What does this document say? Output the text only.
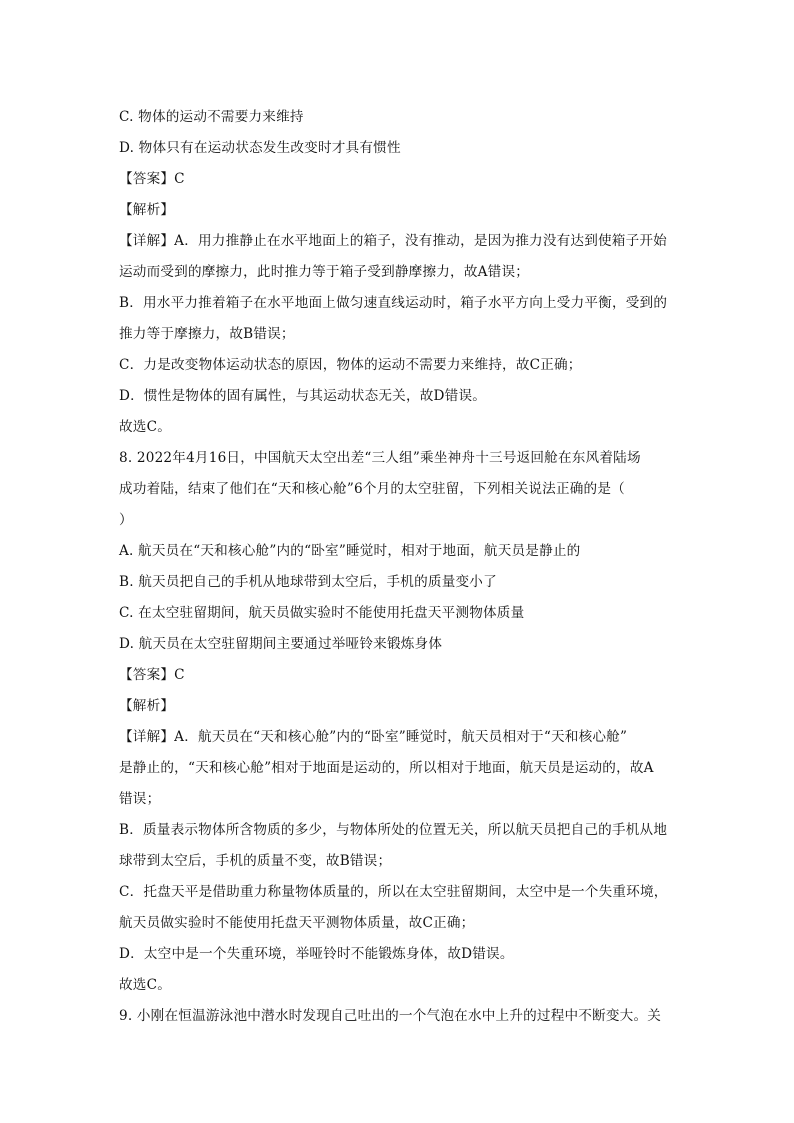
C. 物体的运动不需要力来维持
D. 物体只有在运动状态发生改变时才具有惯性
【答案】C
【解析】
【详解】A．用力推静止在水平地面上的箱子，没有推动，是因为推力没有达到使箱子开始
运动而受到的摩擦力，此时推力等于箱子受到静摩擦力，故A错误；
B．用水平力推着箱子在水平地面上做匀速直线运动时，箱子水平方向上受力平衡，受到的
推力等于摩擦力，故B错误；
C．力是改变物体运动状态的原因，物体的运动不需要力来维持，故C正确；
D．惯性是物体的固有属性，与其运动状态无关，故D错误。
故选C。
8. 2022年4月16日，中国航天太空出差“三人组”乘坐神舟十三号返回舱在东风着陆场
成功着陆，结束了他们在“天和核心舱”6个月的太空驻留，下列相关说法正确的是（
）
A. 航天员在“天和核心舱”内的“卧室”睡觉时，相对于地面，航天员是静止的
B. 航天员把自己的手机从地球带到太空后，手机的质量变小了
C. 在太空驻留期间，航天员做实验时不能使用托盘天平测物体质量
D. 航天员在太空驻留期间主要通过举哑铃来锻炼身体
【答案】C
【解析】
【详解】A．航天员在“天和核心舱”内的“卧室”睡觉时，航天员相对于“天和核心舱”
是静止的，“天和核心舱”相对于地面是运动的，所以相对于地面，航天员是运动的，故A
错误；
B．质量表示物体所含物质的多少，与物体所处的位置无关，所以航天员把自己的手机从地
球带到太空后，手机的质量不变，故B错误；
C．托盘天平是借助重力称量物体质量的，所以在太空驻留期间，太空中是一个失重环境，
航天员做实验时不能使用托盘天平测物体质量，故C正确；
D．太空中是一个失重环境，举哑铃时不能锻炼身体，故D错误。
故选C。
9. 小刚在恒温游泳池中潜水时发现自己吐出的一个气泡在水中上升的过程中不断变大。关
